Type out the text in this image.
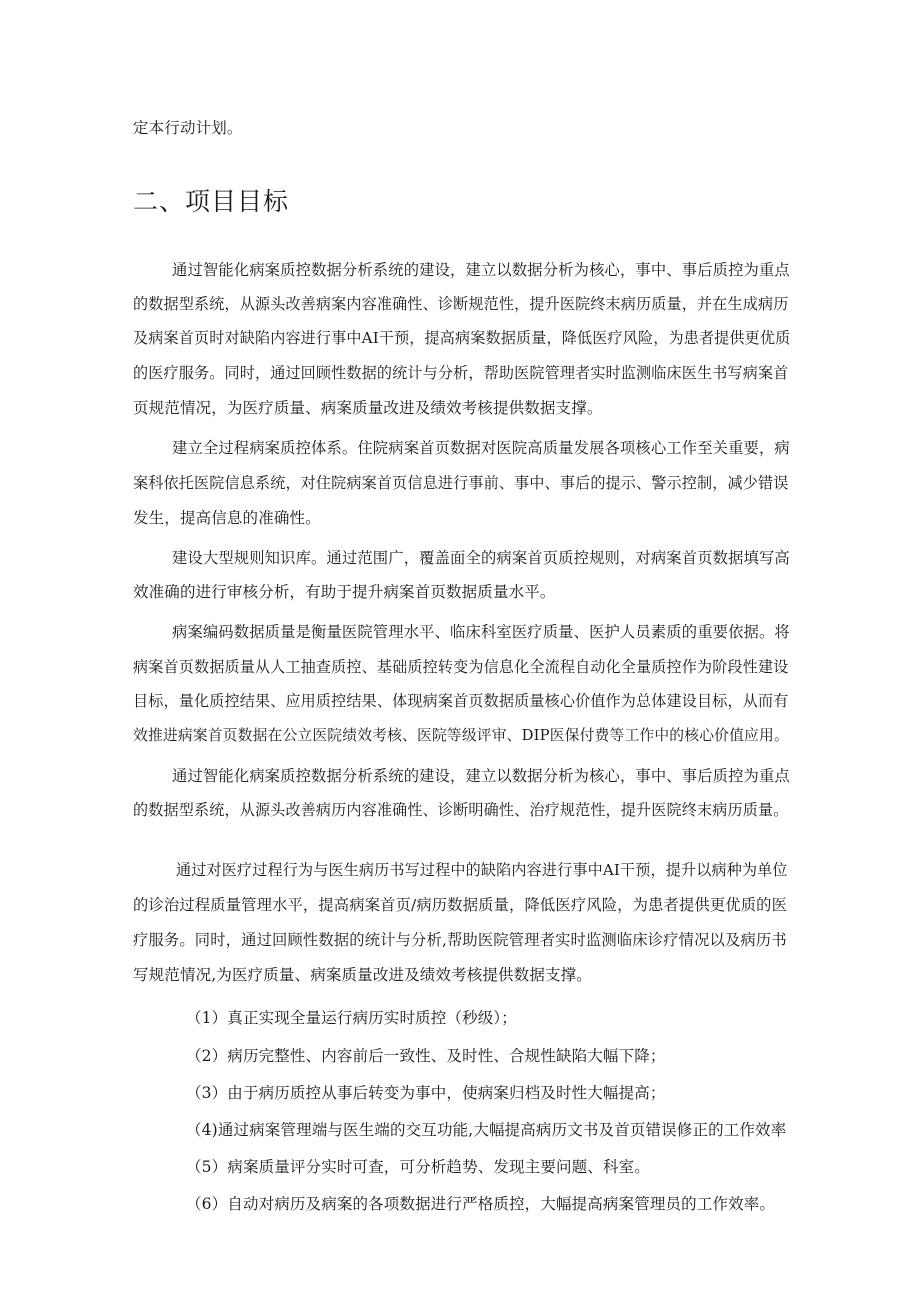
定本行动计划。
二、项目目标
通过智能化病案质控数据分析系统的建设，建立以数据分析为核心，事中、事后质控为重点
的数据型系统，从源头改善病案内容准确性、诊断规范性，提升医院终末病历质量，并在生成病历
及病案首页时对缺陷内容进行事中AI干预，提高病案数据质量，降低医疗风险，为患者提供更优质
的医疗服务。同时，通过回顾性数据的统计与分析，帮助医院管理者实时监测临床医生书写病案首
页规范情况，为医疗质量、病案质量改进及绩效考核提供数据支撑。
建立全过程病案质控体系。住院病案首页数据对医院高质量发展各项核心工作至关重要，病
案科依托医院信息系统，对住院病案首页信息进行事前、事中、事后的提示、警示控制，减少错误
发生，提高信息的准确性。
建设大型规则知识库。通过范围广，覆盖面全的病案首页质控规则，对病案首页数据填写高
效准确的进行审核分析，有助于提升病案首页数据质量水平。
病案编码数据质量是衡量医院管理水平、临床科室医疗质量、医护人员素质的重要依据。将
病案首页数据质量从人工抽查质控、基础质控转变为信息化全流程自动化全量质控作为阶段性建设
目标，量化质控结果、应用质控结果、体现病案首页数据质量核心价值作为总体建设目标，从而有
效推进病案首页数据在公立医院绩效考核、医院等级评审、DIP医保付费等工作中的核心价值应用。
通过智能化病案质控数据分析系统的建设，建立以数据分析为核心，事中、事后质控为重点
的数据型系统，从源头改善病历内容准确性、诊断明确性、治疗规范性，提升医院终末病历质量。
通过对医疗过程行为与医生病历书写过程中的缺陷内容进行事中AI干预，提升以病种为单位
的诊治过程质量管理水平，提高病案首页/病历数据质量，降低医疗风险，为患者提供更优质的医
疗服务。同时，通过回顾性数据的统计与分析,帮助医院管理者实时监测临床诊疗情况以及病历书
写规范情况,为医疗质量、病案质量改进及绩效考核提供数据支撑。
（1）真正实现全量运行病历实时质控（秒级）；
（2）病历完整性、内容前后一致性、及时性、合规性缺陷大幅下降；
（3）由于病历质控从事后转变为事中，使病案归档及时性大幅提高；
（4)通过病案管理端与医生端的交互功能,大幅提高病历文书及首页错误修正的工作效率
（5）病案质量评分实时可查，可分析趋势、发现主要问题、科室。
（6）自动对病历及病案的各项数据进行严格质控，大幅提高病案管理员的工作效率。
